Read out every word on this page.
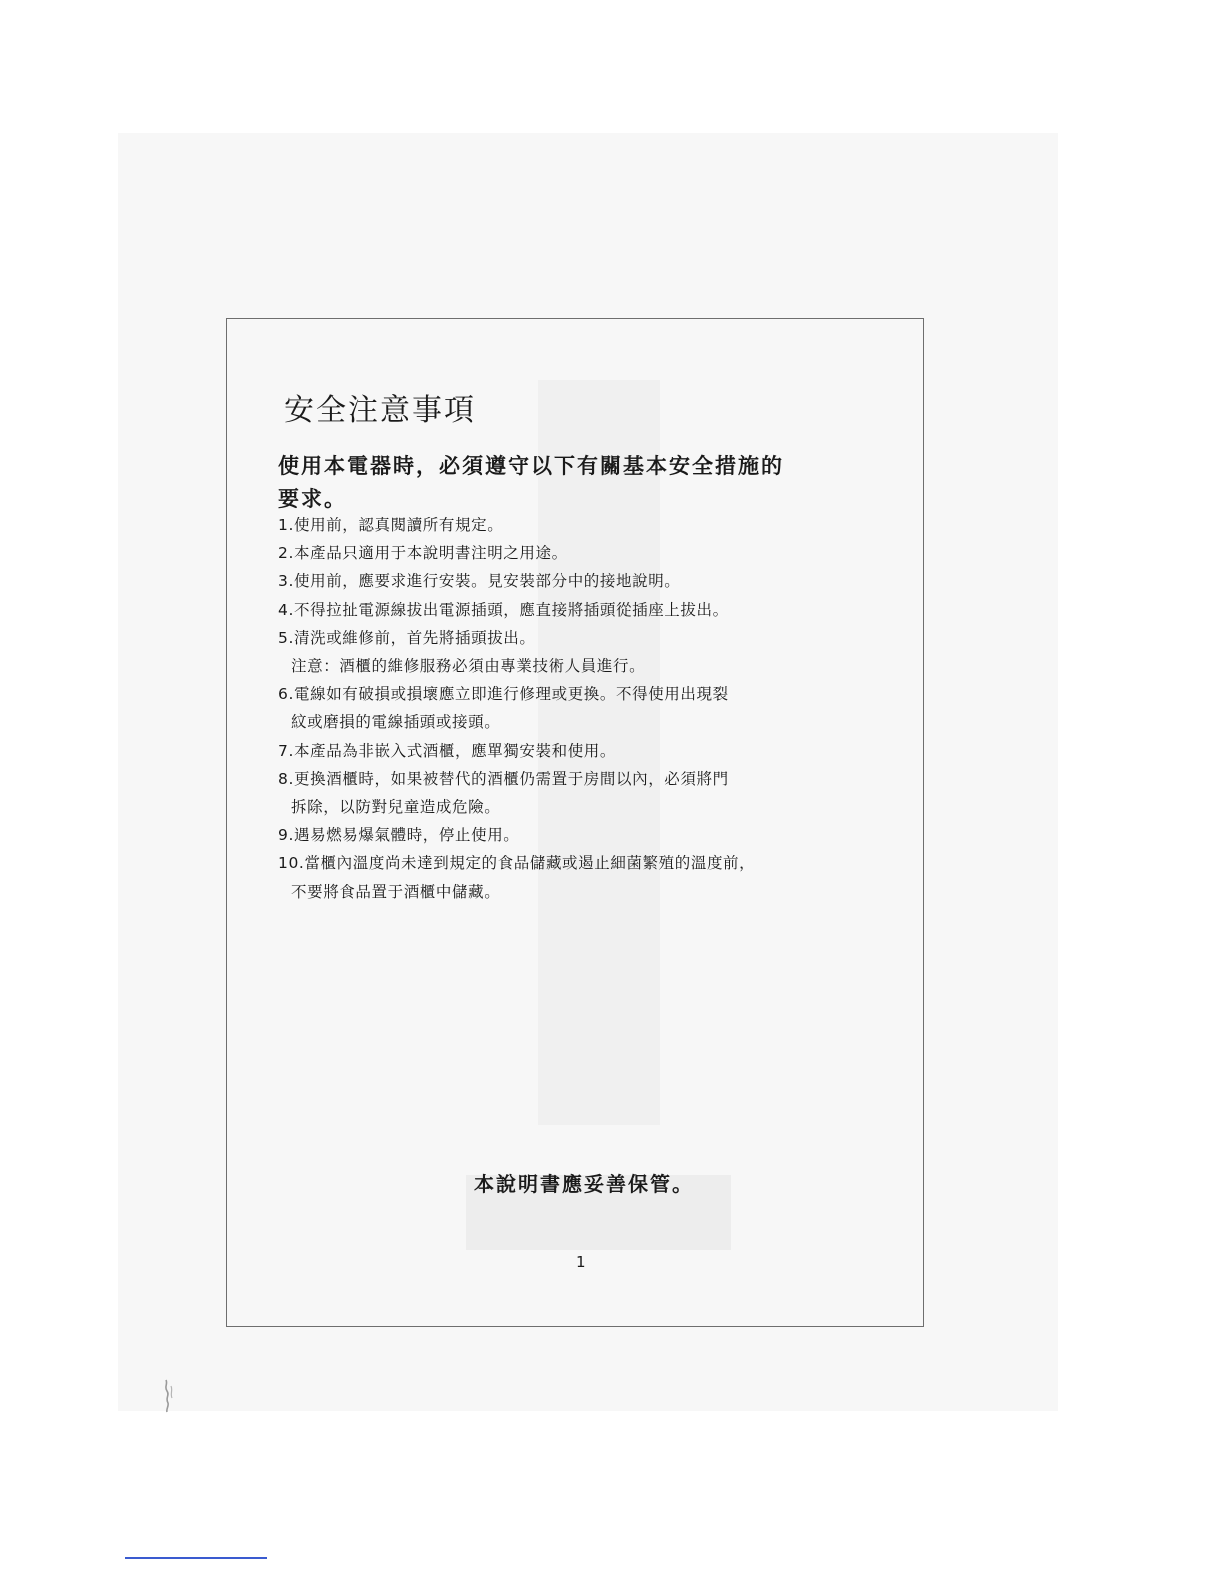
安全注意事項
使用本電器時，必須遵守以下有關基本安全措施的
要求。
1.使用前，認真閱讀所有規定。
2.本產品只適用于本說明書注明之用途。
3.使用前，應要求進行安裝。見安裝部分中的接地說明。
4.不得拉扯電源線拔出電源插頭，應直接將插頭從插座上拔出。
5.清洗或維修前，首先將插頭拔出。
注意：酒櫃的維修服務必須由專業技術人員進行。
6.電線如有破損或損壞應立即進行修理或更換。不得使用出現裂
紋或磨損的電線插頭或接頭。
7.本產品為非嵌入式酒櫃，應單獨安裝和使用。
8.更換酒櫃時，如果被替代的酒櫃仍需置于房間以內，必須將門
拆除，以防對兒童造成危險。
9.遇易燃易爆氣體時，停止使用。
10.當櫃內溫度尚未達到規定的食品儲藏或遏止細菌繁殖的溫度前，
不要將食品置于酒櫃中儲藏。
本說明書應妥善保管。
1
